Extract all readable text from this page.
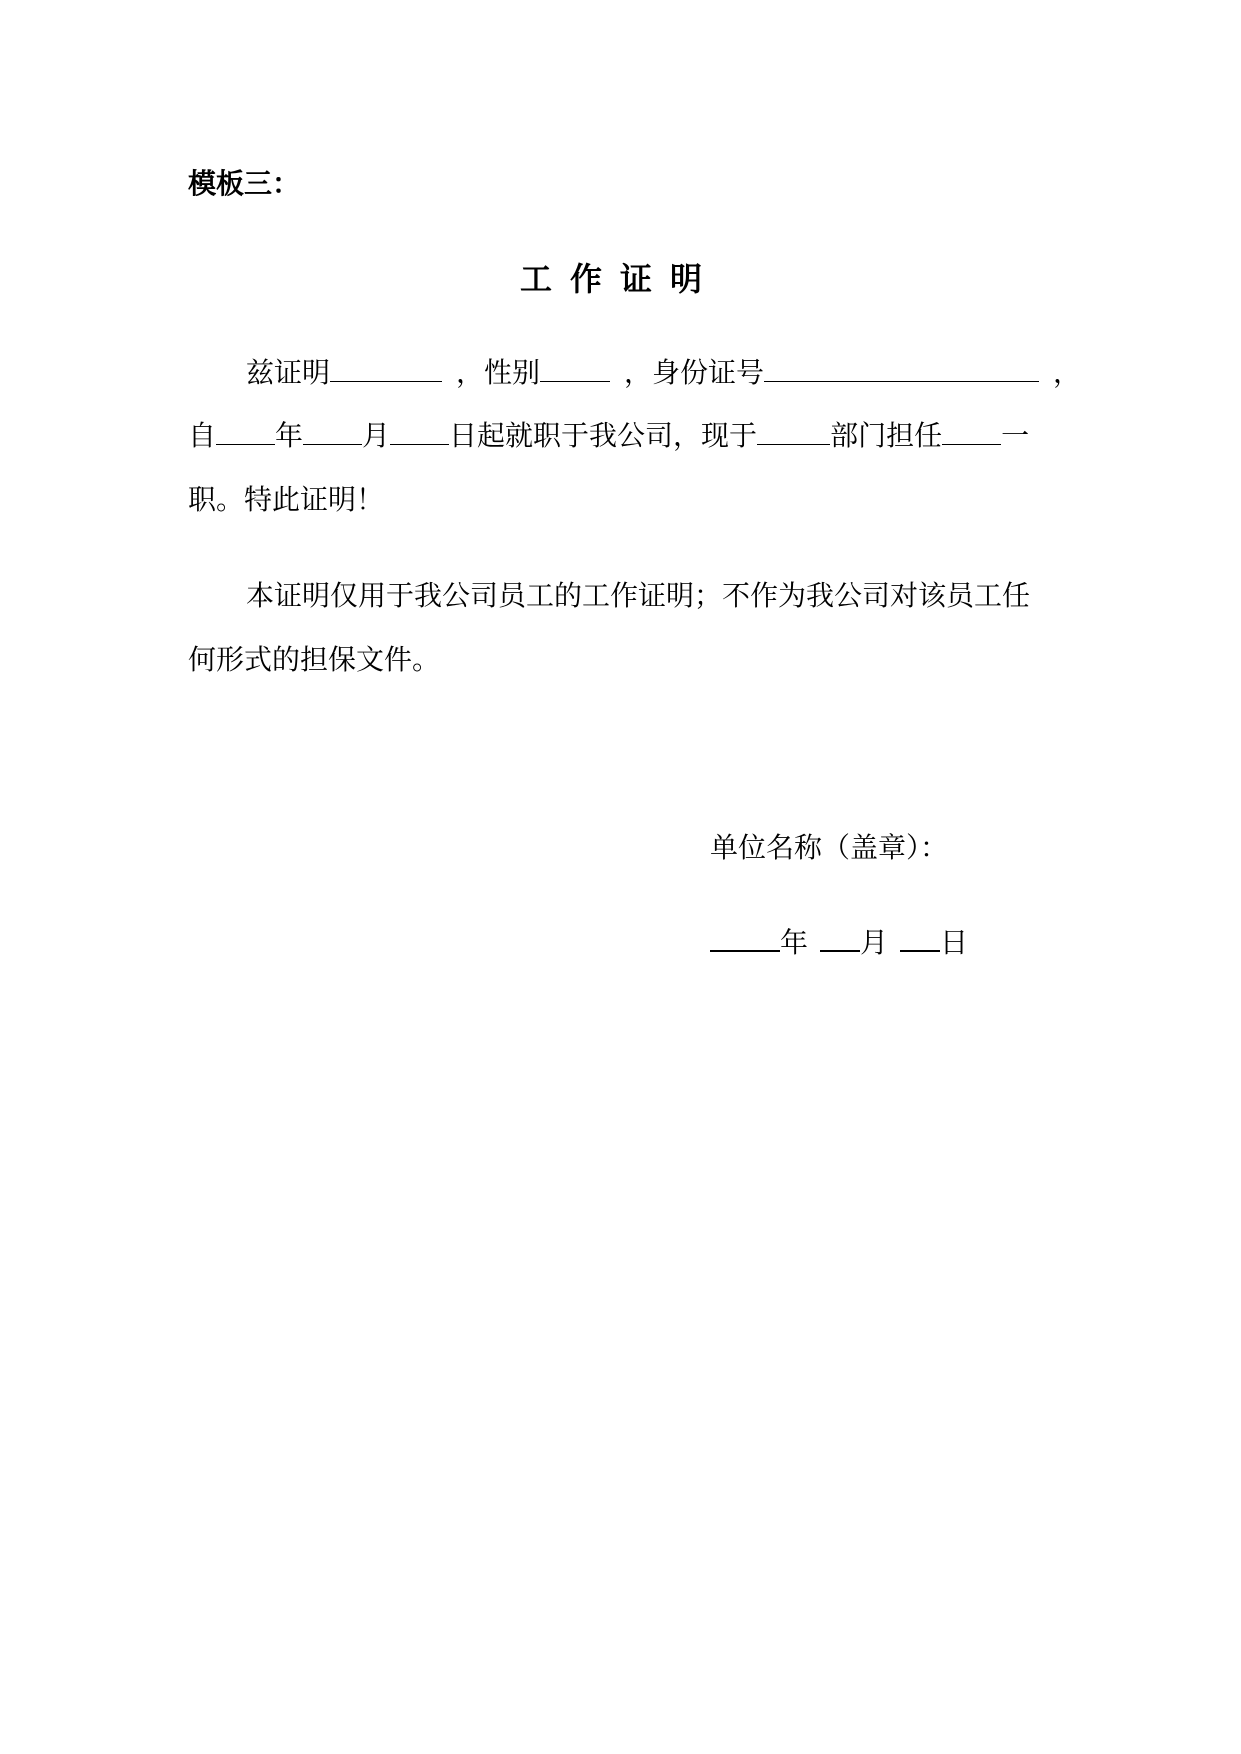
模板三：
工作证明
兹证明	，性别	，身份证号	，
自 年 月 日起就职于我公司，现于	部门担任 一
职。特此证明！
本证明仅用于我公司员工的工作证明；不作为我公司对该员工任
何形式的担保文件。
单位名称（盖章）：
年 月 日
